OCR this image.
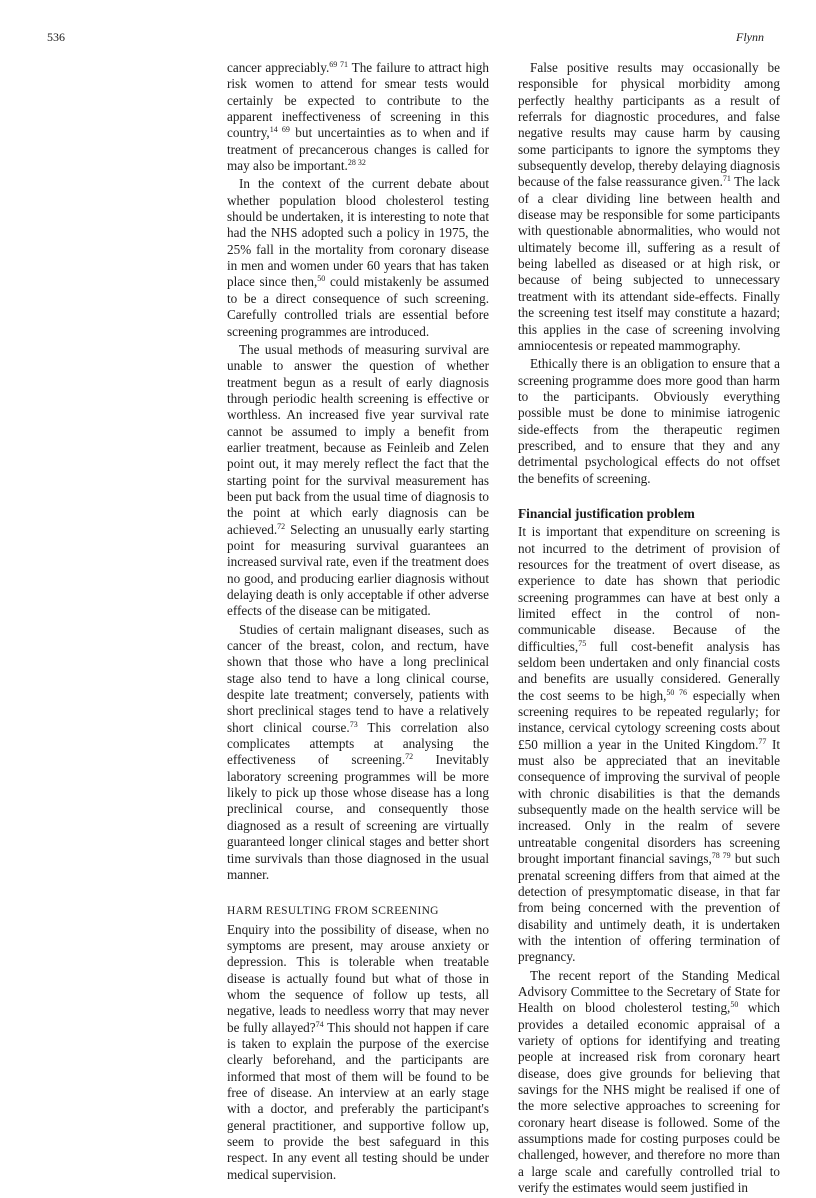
536	Flynn

cancer appreciably.$^{69 71}$ The failure to attract high risk women to attend for smear tests would certainly be expected to contribute to the apparent ineffectiveness of screening in this country,$^{14 69}$ but uncertainties as to when and if treatment of precancerous changes is called for may also be important.$^{28 32}$

In the context of the current debate about whether population blood cholesterol testing should be undertaken, it is interesting to note that had the NHS adopted such a policy in 1975, the 25% fall in the mortality from coronary disease in men and women under 60 years that has taken place since then,$^{50}$ could mistakenly be assumed to be a direct consequence of such screening. Carefully controlled trials are essential before screening programmes are introduced.

The usual methods of measuring survival are unable to answer the question of whether treatment begun as a result of early diagnosis through periodic health screening is effective or worthless. An increased five year survival rate cannot be assumed to imply a benefit from earlier treatment, because as Feinleib and Zelen point out, it may merely reflect the fact that the starting point for the survival measurement has been put back from the usual time of diagnosis to the point at which early diagnosis can be achieved.$^{72}$ Selecting an unusually early starting point for measuring survival guarantees an increased survival rate, even if the treatment does no good, and producing earlier diagnosis without delaying death is only acceptable if other adverse effects of the disease can be mitigated.

Studies of certain malignant diseases, such as cancer of the breast, colon, and rectum, have shown that those who have a long preclinical stage also tend to have a long clinical course, despite late treatment; conversely, patients with short preclinical stages tend to have a relatively short clinical course.$^{73}$ This correlation also complicates attempts at analysing the effectiveness of screening.$^{72}$ Inevitably laboratory screening programmes will be more likely to pick up those whose disease has a long preclinical course, and consequently those diagnosed as a result of screening are virtually guaranteed longer clinical stages and better short time survivals than those diagnosed in the usual manner.

HARM RESULTING FROM SCREENING

Enquiry into the possibility of disease, when no symptoms are present, may arouse anxiety or depression. This is tolerable when treatable disease is actually found but what of those in whom the sequence of follow up tests, all negative, leads to needless worry that may never be fully allayed?$^{74}$ This should not happen if care is taken to explain the purpose of the exercise clearly beforehand, and the participants are informed that most of them will be found to be free of disease. An interview at an early stage with a doctor, and preferably the participant's general practitioner, and supportive follow up, seem to provide the best safeguard in this respect. In any event all testing should be under medical supervision.

False positive results may occasionally be responsible for physical morbidity among perfectly healthy participants as a result of referrals for diagnostic procedures, and false negative results may cause harm by causing some participants to ignore the symptoms they subsequently develop, thereby delaying diagnosis because of the false reassurance given.$^{71}$ The lack of a clear dividing line between health and disease may be responsible for some participants with questionable abnormalities, who would not ultimately become ill, suffering as a result of being labelled as diseased or at high risk, or because of being subjected to unnecessary treatment with its attendant side-effects. Finally the screening test itself may constitute a hazard; this applies in the case of screening involving amniocentesis or repeated mammography.

Ethically there is an obligation to ensure that a screening programme does more good than harm to the participants. Obviously everything possible must be done to minimise iatrogenic side-effects from the therapeutic regimen prescribed, and to ensure that they and any detrimental psychological effects do not offset the benefits of screening.

Financial justification problem

It is important that expenditure on screening is not incurred to the detriment of provision of resources for the treatment of overt disease, as experience to date has shown that periodic screening programmes can have at best only a limited effect in the control of non-communicable disease. Because of the difficulties,$^{75}$ full cost-benefit analysis has seldom been undertaken and only financial costs and benefits are usually considered. Generally the cost seems to be high,$^{50 76}$ especially when screening requires to be repeated regularly; for instance, cervical cytology screening costs about £50 million a year in the United Kingdom.$^{77}$ It must also be appreciated that an inevitable consequence of improving the survival of people with chronic disabilities is that the demands subsequently made on the health service will be increased. Only in the realm of severe untreatable congenital disorders has screening brought important financial savings,$^{78 79}$ but such prenatal screening differs from that aimed at the detection of presymptomatic disease, in that far from being concerned with the prevention of disability and untimely death, it is undertaken with the intention of offering termination of pregnancy.

The recent report of the Standing Medical Advisory Committee to the Secretary of State for Health on blood cholesterol testing,$^{50}$ which provides a detailed economic appraisal of a variety of options for identifying and treating people at increased risk from coronary heart disease, does give grounds for believing that savings for the NHS might be realised if one of the more selective approaches to screening for coronary heart disease is followed. Some of the assumptions made for costing purposes could be challenged, however, and therefore no more than a large scale and carefully controlled trial to verify the estimates would seem justified in
